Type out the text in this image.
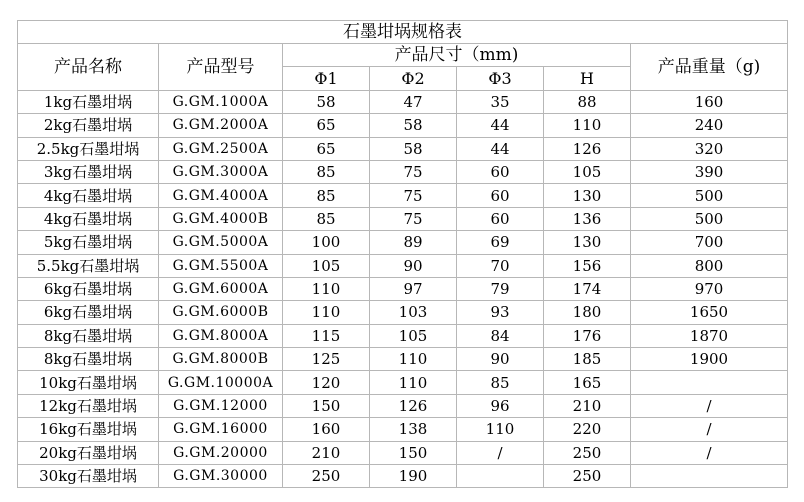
石墨坩埚规格表						
产品名称	产品型号	产品尺寸（mm)				产品重量（g)
		Φ1	Φ2	Φ3	H	
1kg石墨坩埚	G.GM.1000A	58	47	35	88	160
2kg石墨坩埚	G.GM.2000A	65	58	44	110	240
2.5kg石墨坩埚	G.GM.2500A	65	58	44	126	320
3kg石墨坩埚	G.GM.3000A	85	75	60	105	390
4kg石墨坩埚	G.GM.4000A	85	75	60	130	500
4kg石墨坩埚	G.GM.4000B	85	75	60	136	500
5kg石墨坩埚	G.GM.5000A	100	89	69	130	700
5.5kg石墨坩埚	G.GM.5500A	105	90	70	156	800
6kg石墨坩埚	G.GM.6000A	110	97	79	174	970
6kg石墨坩埚	G.GM.6000B	110	103	93	180	1650
8kg石墨坩埚	G.GM.8000A	115	105	84	176	1870
8kg石墨坩埚	G.GM.8000B	125	110	90	185	1900
10kg石墨坩埚	G.GM.10000A	120	110	85	165	
12kg石墨坩埚	G.GM.12000	150	126	96	210	/
16kg石墨坩埚	G.GM.16000	160	138	110	220	/
20kg石墨坩埚	G.GM.20000	210	150	/	250	/
30kg石墨坩埚	G.GM.30000	250	190		250	
